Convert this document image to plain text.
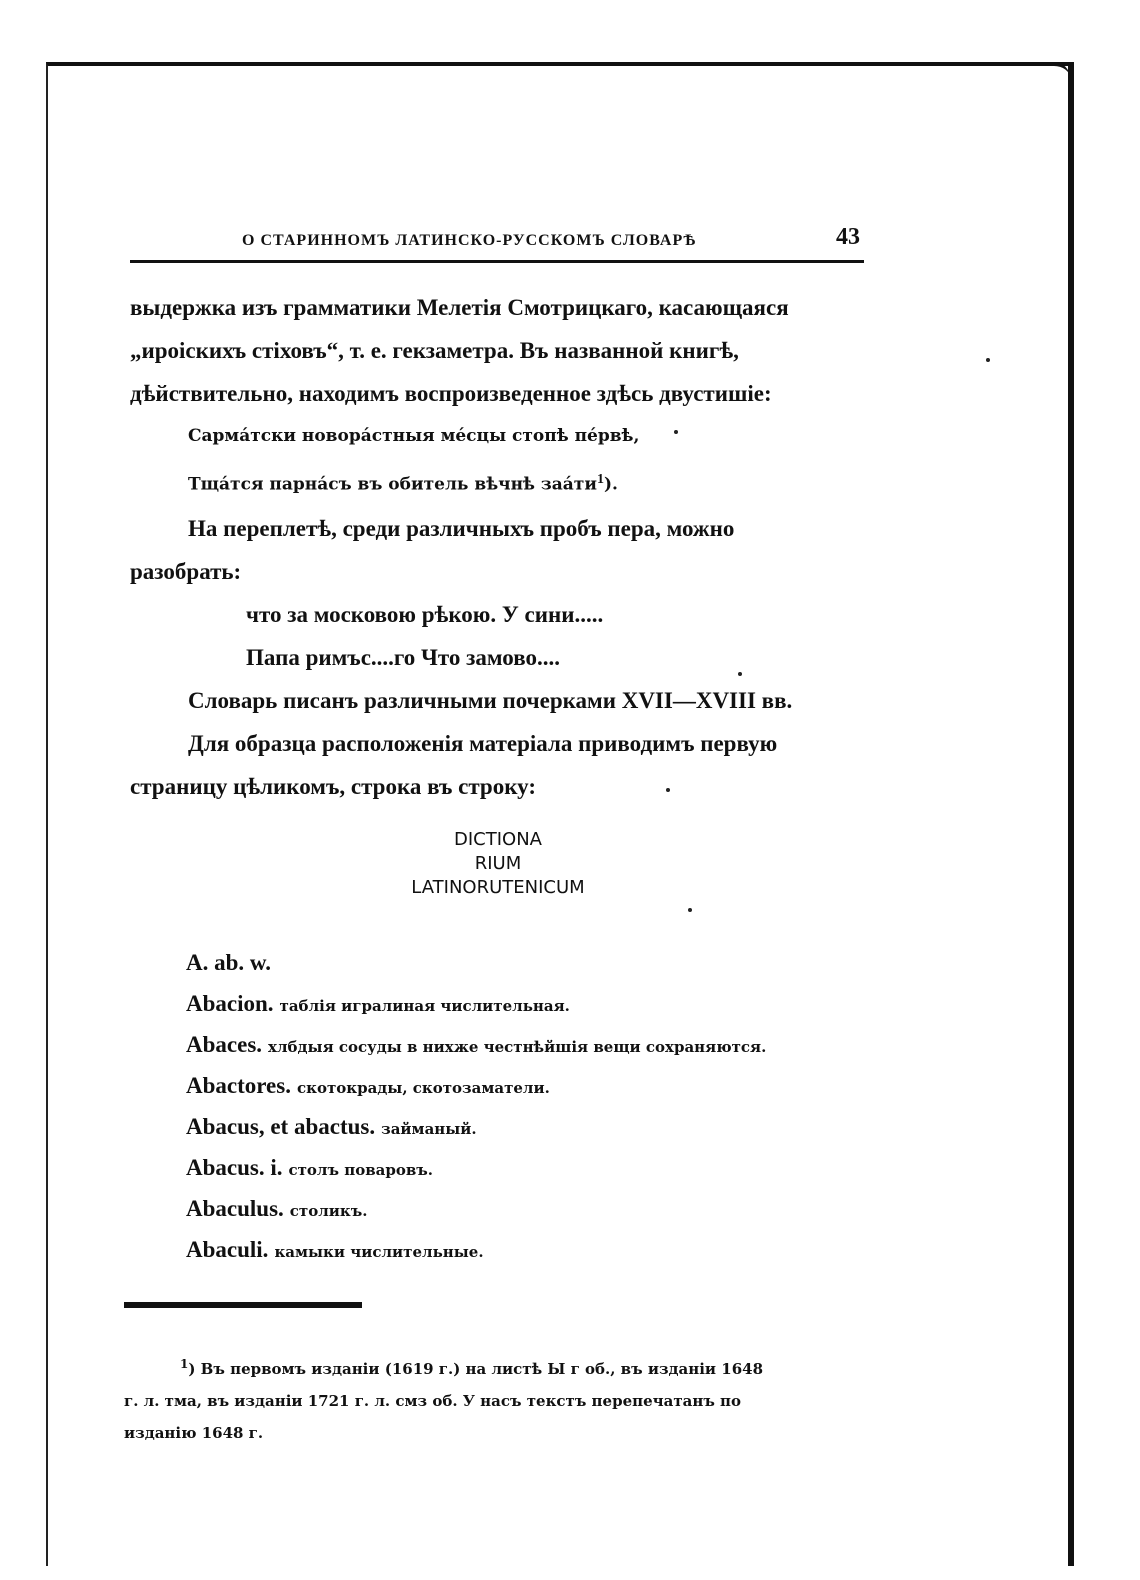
О СТАРИННОМЪ ЛАТИНСКО-РУССКОМЪ СЛОВАРѢ	43
выдержка изъ грамматики Мелетія Смотрицкаго, касающаяся
„ироiскихъ стiховъ“, т. е. гекзаметра. Въ названной книгѣ,
дѣйствительно, находимъ воспроизведенное здѣсь двустишіе:
Сармáтски новорáстныя мéсцы стопѣ пéрвѣ,
Тщáтся парнáсъ въ обитель вѣчнѣ заáти$^1$).
На переплетѣ, среди различныхъ пробъ пера, можно
разобрать:
что за московою рѣкою. У сини.....
Папа римъс....го Что замово....
Словарь писанъ различными почерками XVII—XVIII вв.
Для образца расположенія матеріала приводимъ первую
страницу цѣликомъ, строка въ строку:
DICTIONA
RIUM
LATINORUTENICUM
A. ab. w.
Abacion. таблія игралиная числительная.
Abaces. хлбдыя сосуды в нихже честнѣйшія вещи сохраняются.
Abactores. скотокрады, скотозаматели.
Abacus, et abactus. займаный.
Abacus. i. столъ поваровъ.
Abaculus. столикъ.
Abaculi. камыки числительные.
$^1$) Въ первомъ изданіи (1619 г.) на листѣ Ы г об., въ изданіи 1648
г. л. тма, въ изданіи 1721 г. л. смз об. У насъ текстъ перепечатанъ по
изданію 1648 г.
